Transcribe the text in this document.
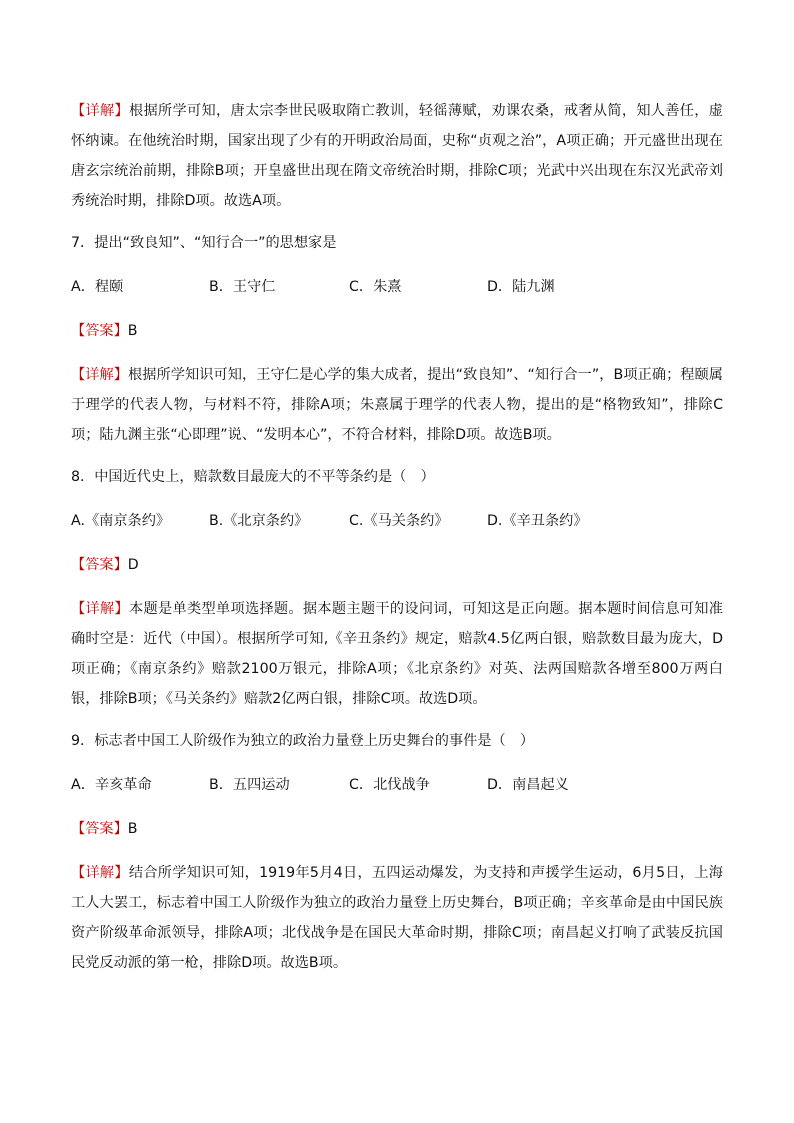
【详解】根据所学可知，唐太宗李世民吸取隋亡教训，轻徭薄赋，劝课农桑，戒奢从简，知人善任，虚怀纳谏。在他统治时期，国家出现了少有的开明政治局面，史称“贞观之治”，A项正确；开元盛世出现在唐玄宗统治前期，排除B项；开皇盛世出现在隋文帝统治时期，排除C项；光武中兴出现在东汉光武帝刘秀统治时期，排除D项。故选A项。

7．提出“致良知”、“知行合一”的思想家是

A．程颐	B．王守仁	C．朱熹	D．陆九渊

【答案】B

【详解】根据所学知识可知，王守仁是心学的集大成者，提出“致良知”、“知行合一”，B项正确；程颐属于理学的代表人物，与材料不符，排除A项；朱熹属于理学的代表人物，提出的是“格物致知”，排除C项；陆九渊主张“心即理”说、“发明本心”，不符合材料，排除D项。故选B项。

8．中国近代史上，赔款数目最庞大的不平等条约是（　）

A.《南京条约》	B.《北京条约》	C.《马关条约》	D.《辛丑条约》

【答案】D

【详解】本题是单类型单项选择题。据本题主题干的设问词，可知这是正向题。据本题时间信息可知准确时空是：近代（中国）。根据所学可知,《辛丑条约》规定，赔款4.5亿两白银，赔款数目最为庞大，D项正确；《南京条约》赔款2100万银元，排除A项；《北京条约》对英、法两国赔款各增至800万两白银，排除B项；《马关条约》赔款2亿两白银，排除C项。故选D项。

9．标志者中国工人阶级作为独立的政治力量登上历史舞台的事件是（　）

A．辛亥革命	B．五四运动	C．北伐战争	D．南昌起义

【答案】B

【详解】结合所学知识可知，1919年5月4日，五四运动爆发，为支持和声援学生运动，6月5日，上海工人大罢工，标志着中国工人阶级作为独立的政治力量登上历史舞台，B项正确；辛亥革命是由中国民族资产阶级革命派领导，排除A项；北伐战争是在国民大革命时期，排除C项；南昌起义打响了武装反抗国民党反动派的第一枪，排除D项。故选B项。
